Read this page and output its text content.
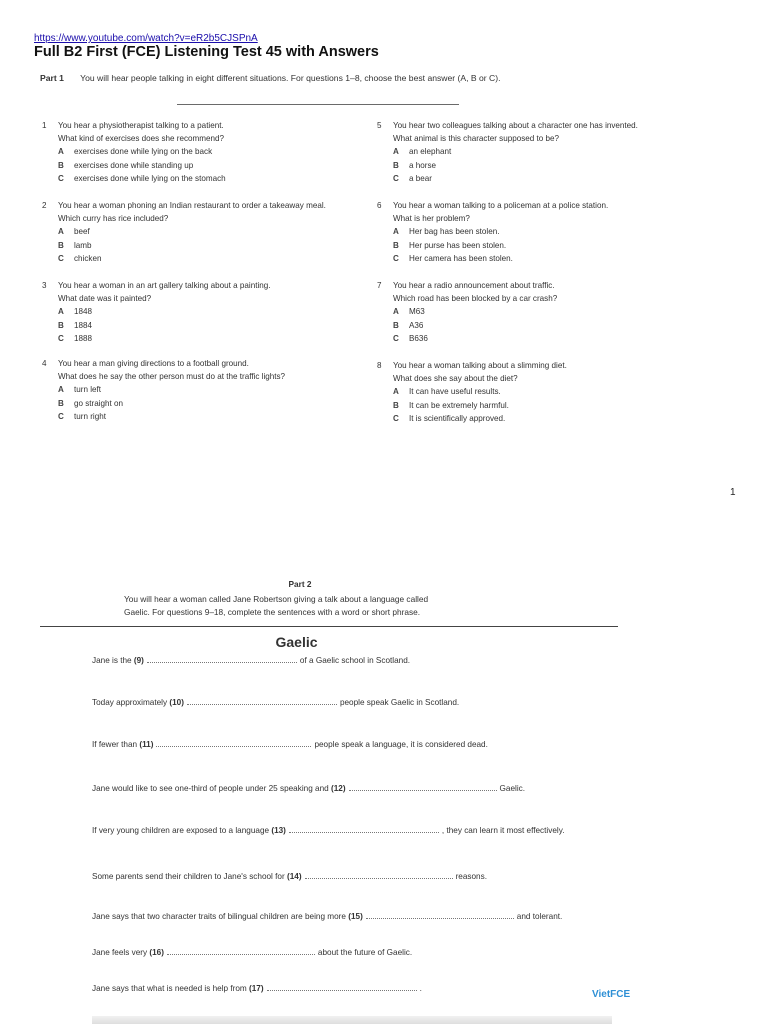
https://www.youtube.com/watch?v=eR2b5CJSPnA
Full B2 First (FCE) Listening Test 45 with Answers
Part 1 You will hear people talking in eight different situations. For questions 1–8, choose the best answer (A, B or C).
1 You hear a physiotherapist talking to a patient.
What kind of exercises does she recommend?
A exercises done while lying on the back
B exercises done while standing up
C exercises done while lying on the stomach
2 You hear a woman phoning an Indian restaurant to order a takeaway meal.
Which curry has rice included?
A beef
B lamb
C chicken
3 You hear a woman in an art gallery talking about a painting.
What date was it painted?
A 1848
B 1884
C 1888
4 You hear a man giving directions to a football ground.
What does he say the other person must do at the traffic lights?
A turn left
B go straight on
C turn right
5 You hear two colleagues talking about a character one has invented.
What animal is this character supposed to be?
A an elephant
B a horse
C a bear
6 You hear a woman talking to a policeman at a police station.
What is her problem?
A Her bag has been stolen.
B Her purse has been stolen.
C Her camera has been stolen.
7 You hear a radio announcement about traffic.
Which road has been blocked by a car crash?
A M63
B A36
C B636
8 You hear a woman talking about a slimming diet.
What does she say about the diet?
A It can have useful results.
B It can be extremely harmful.
C It is scientifically approved.
1
Part 2
You will hear a woman called Jane Robertson giving a talk about a language called
Gaelic. For questions 9–18, complete the sentences with a word or short phrase.
Gaelic
Jane is the (9)	of a Gaelic school in Scotland.
Today approximately (10)	people speak Gaelic in Scotland.
If fewer than (11)	people speak a language, it is considered dead.
Jane would like to see one-third of people under 25 speaking and (12)	Gaelic.
If very young children are exposed to a language (13)	, they can learn it most effectively.
Some parents send their children to Jane's school for (14)	reasons.
Jane says that two character traits of bilingual children are being more (15)	and tolerant.
Jane feels very (16)	about the future of Gaelic.
Jane says that what is needed is help from (17)	.
VietFCE
